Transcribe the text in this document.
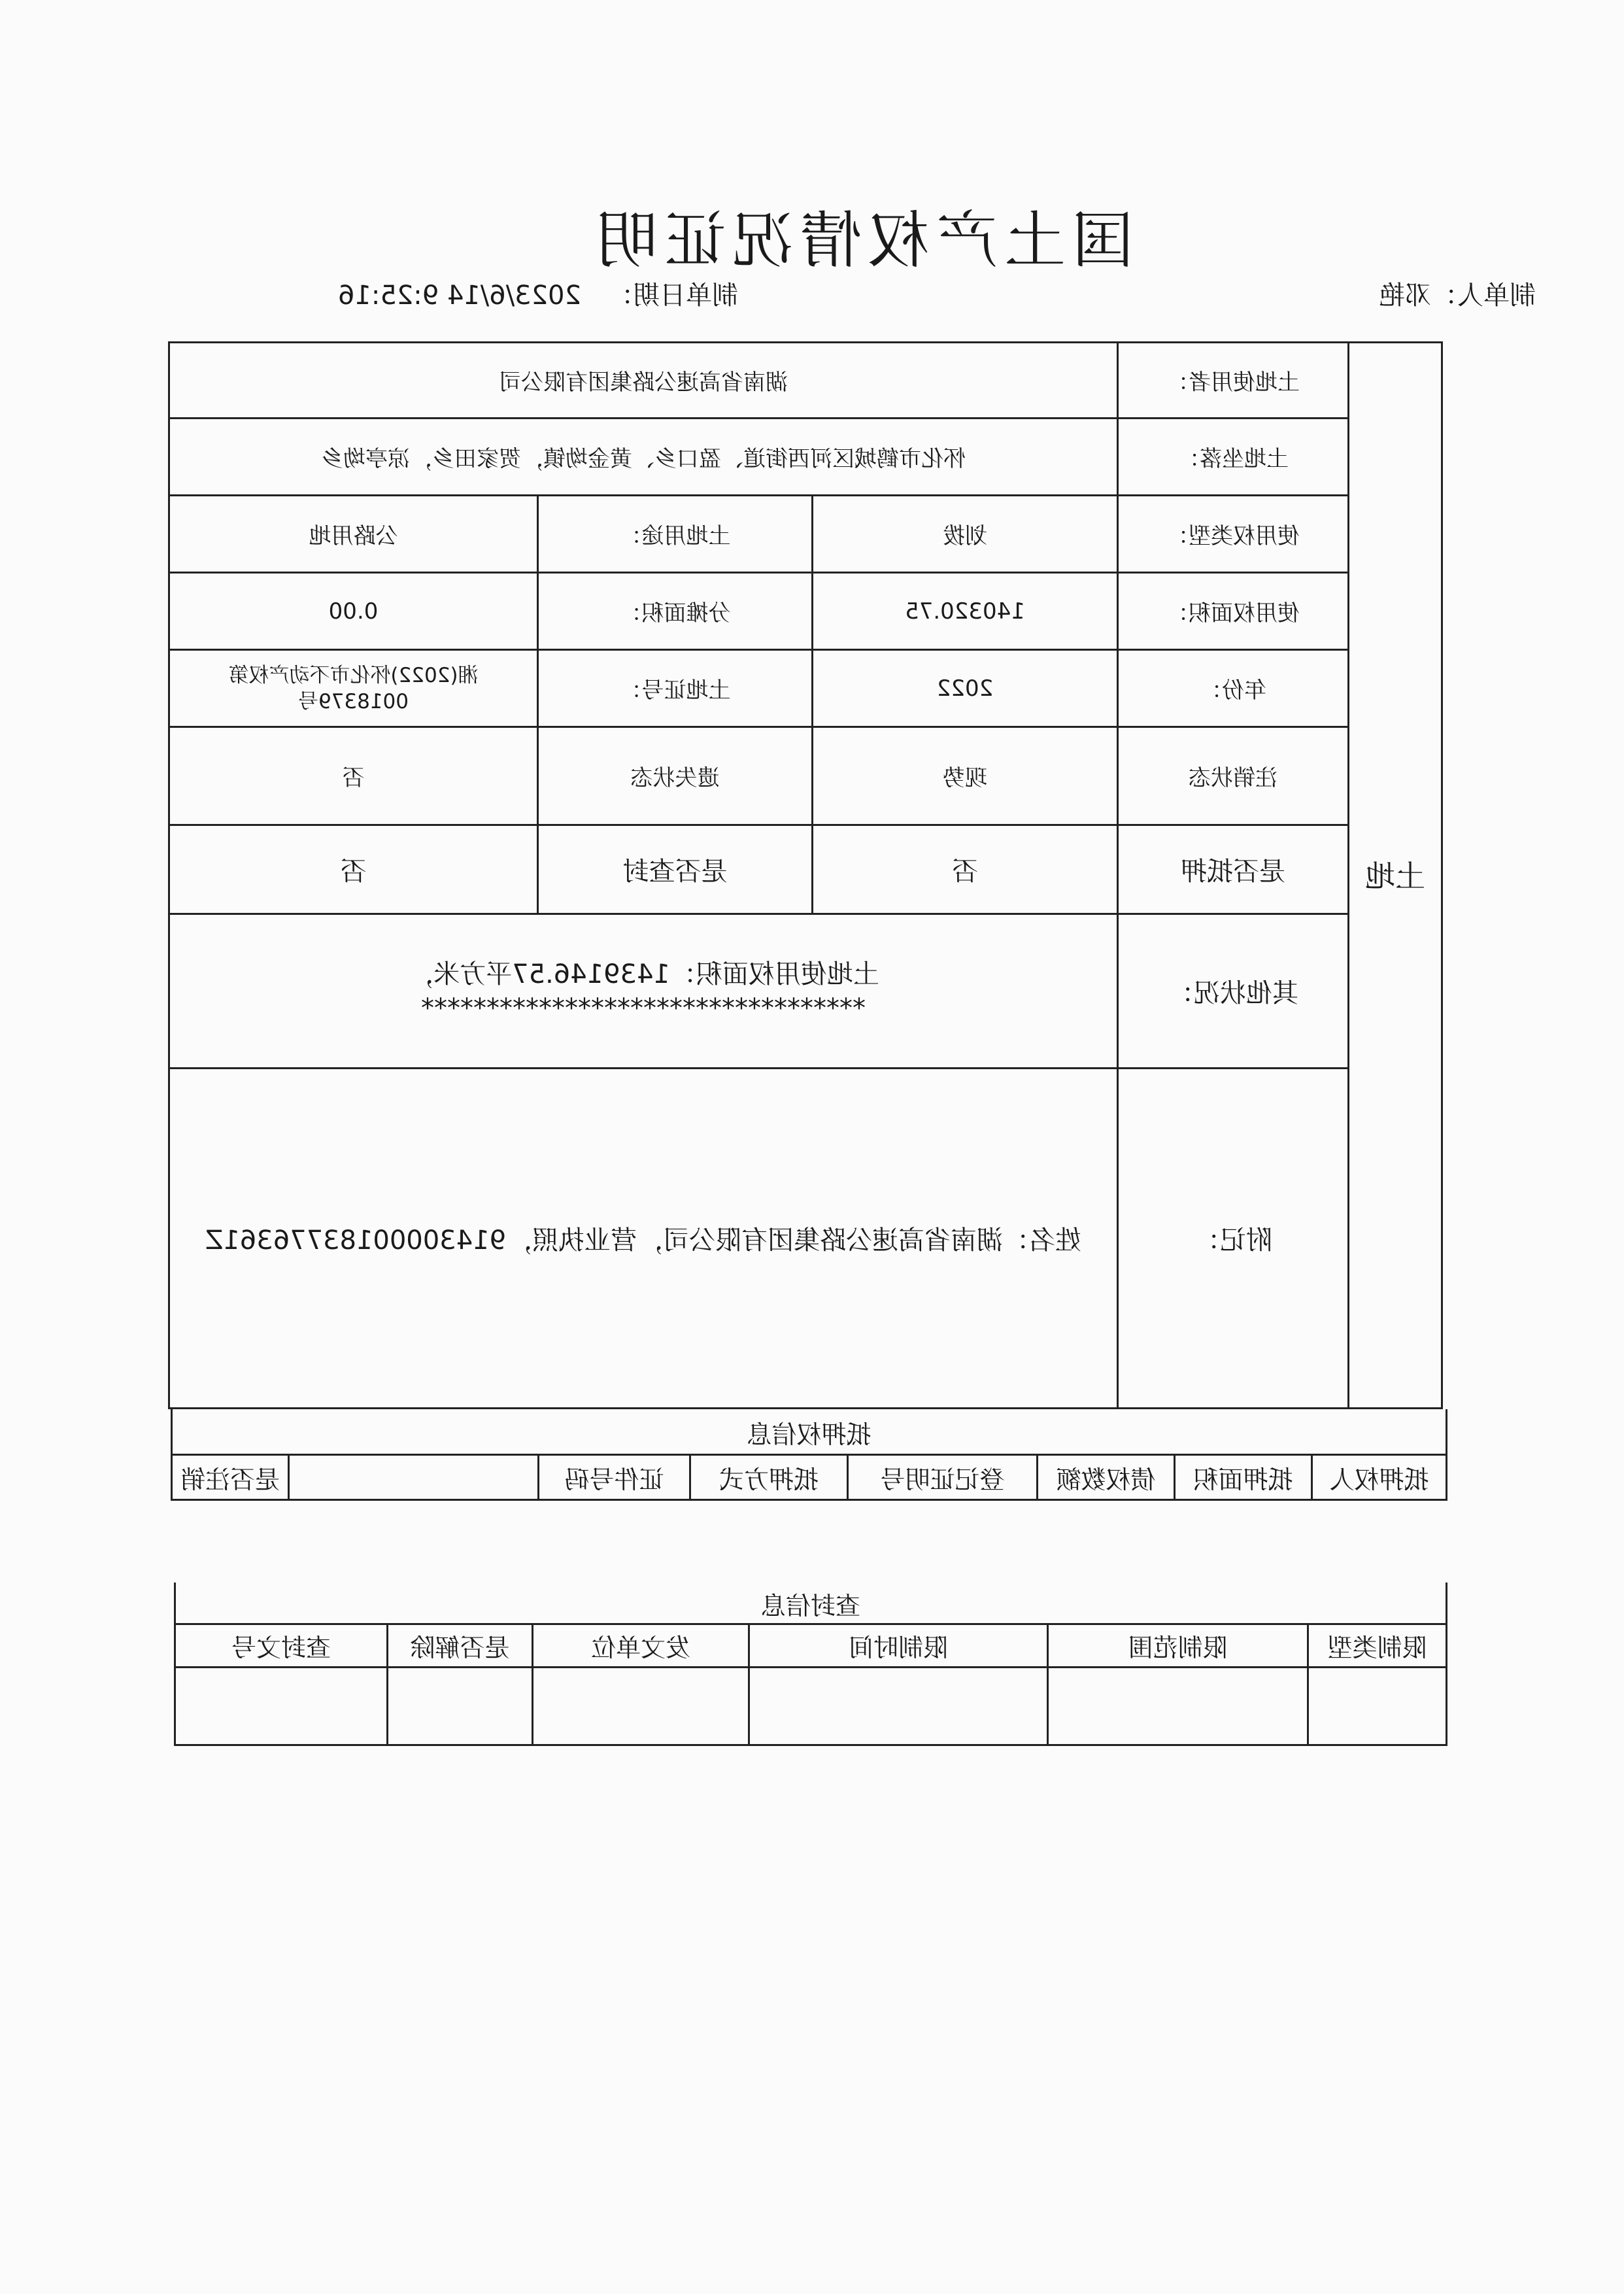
国土产权情况证明
制单人：邓艳
制单日期：2023/6/14 9:25:16
土地
土地使用者：
湖南省高速公路集团有限公司
土地坐落：
怀化市鹤城区河西街道、盈口乡、黄金坳镇，贺家田乡，凉亭坳乡
使用权类型：
划拨
土地用途：
公路用地
使用权面积：
140320.75
分摊面积：
0.00
年份：
2022
土地证号：
湘(2022)怀化市不动产权第
0018379号
注销状态
现势
遗失状态
否
是否抵押
否
是否查封
否
其他状况：
土地使用权面积：1439146.57平方米，
**********************************
附记：
姓名：湖南省高速公路集团有限公司，营业执照，91430000183776361Z
抵押权信息
抵押权人
抵押面积
债权数额
登记证明号
抵押方式
证件号码
是否注销
查封信息
限制类型
限制范围
限制时间
发文单位
是否解除
查封文号
